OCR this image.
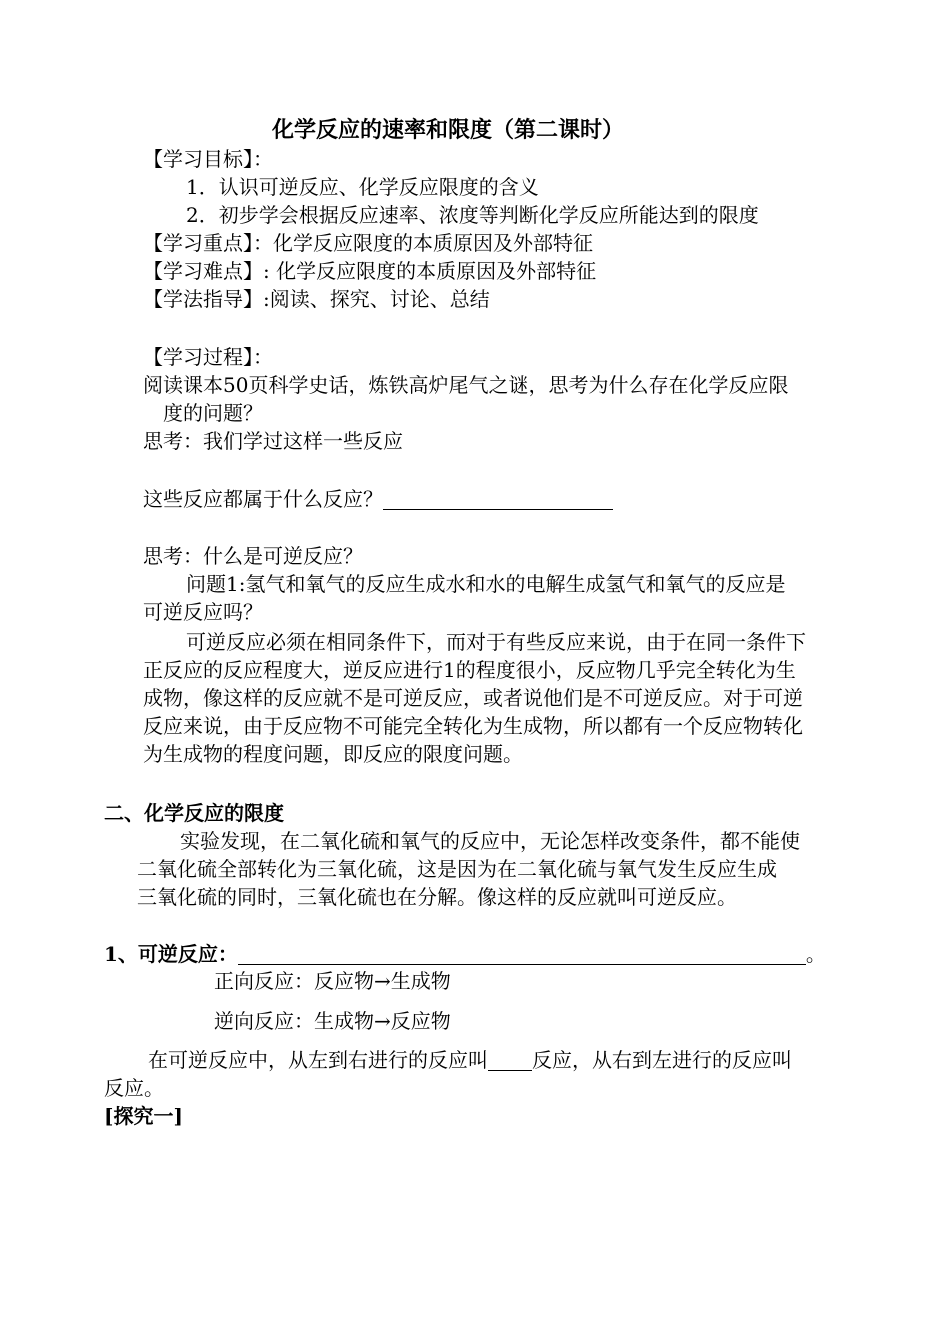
化学反应的速率和限度（第二课时）
【学习目标】：
1．认识可逆反应、化学反应限度的含义
2．初步学会根据反应速率、浓度等判断化学反应所能达到的限度
【学习重点】：化学反应限度的本质原因及外部特征
【学习难点】: 化学反应限度的本质原因及外部特征
【学法指导】:阅读、探究、讨论、总结
【学习过程】：
阅读课本50页科学史话，炼铁高炉尾气之谜，思考为什么存在化学反应限
度的问题？
思考：我们学过这样一些反应
这些反应都属于什么反应？
思考：什么是可逆反应？
问题1:氢气和氧气的反应生成水和水的电解生成氢气和氧气的反应是
可逆反应吗？
可逆反应必须在相同条件下，而对于有些反应来说，由于在同一条件下
正反应的反应程度大，逆反应进行1的程度很小，反应物几乎完全转化为生
成物，像这样的反应就不是可逆反应，或者说他们是不可逆反应。对于可逆
反应来说，由于反应物不可能完全转化为生成物，所以都有一个反应物转化
为生成物的程度问题，即反应的限度问题。
二、化学反应的限度
实验发现，在二氧化硫和氧气的反应中，无论怎样改变条件，都不能使
二氧化硫全部转化为三氧化硫，这是因为在二氧化硫与氧气发生反应生成
三氧化硫的同时，三氧化硫也在分解。像这样的反应就叫可逆反应。
1、可逆反应：	。
正向反应：反应物→生成物
逆向反应：生成物→反应物
在可逆反应中，从左到右进行的反应叫 反应，从右到左进行的反应叫
反应。
[探究一]
